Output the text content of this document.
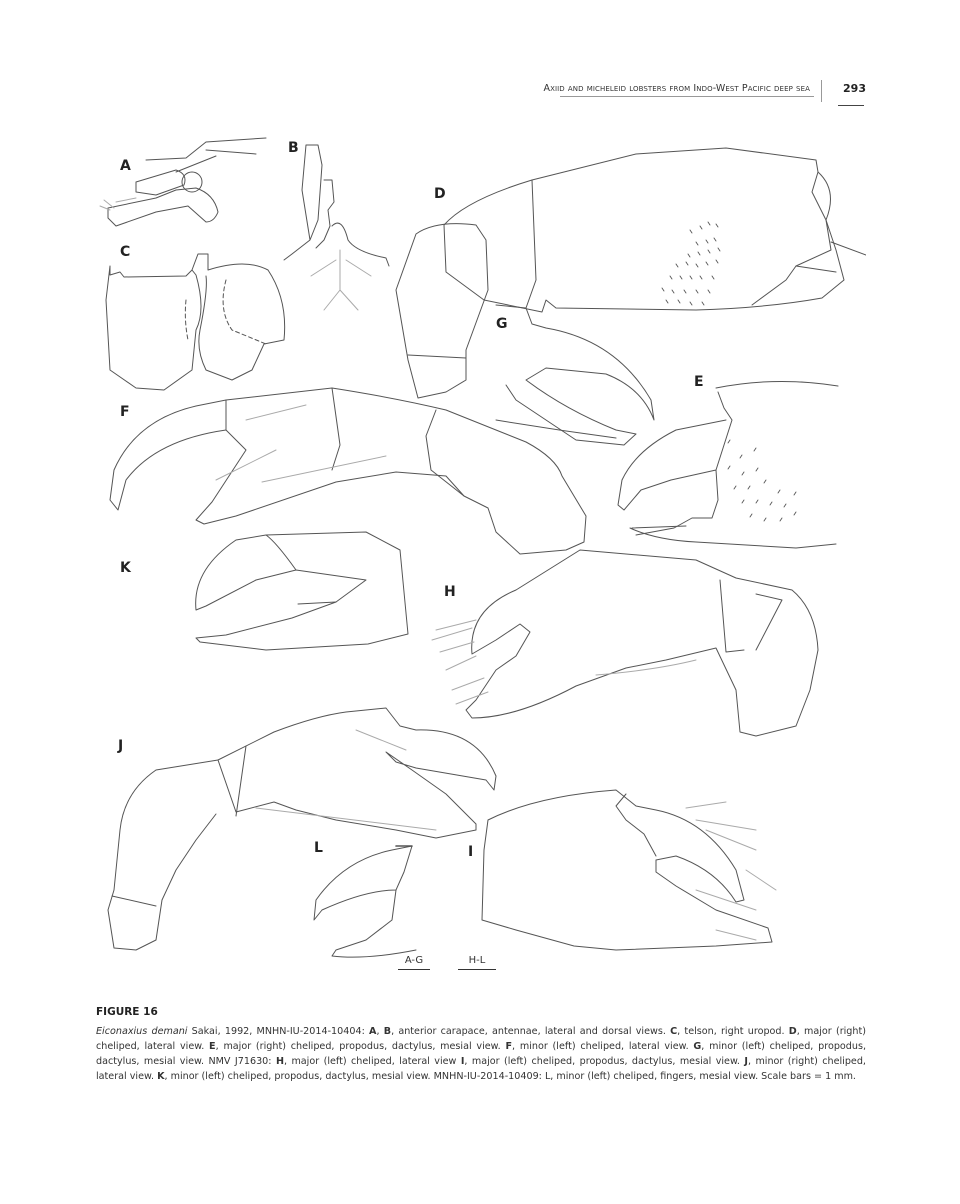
Axiid and micheleid lobsters from Indo-West Pacific deep sea	293
A
B
C
D
E
F
G
H
I
J
K
L
A-G	H-L
FIGURE 16
Eiconaxius demani Sakai, 1992, MNHN-IU-2014-10404: A, B, anterior carapace, antennae, lateral and dorsal views. C, telson, right uropod. D, major (right) cheliped, lateral view. E, major (right) cheliped, propodus, dactylus, mesial view. F, minor (left) cheliped, lateral view. G, minor (left) cheliped, propodus, dactylus, mesial view. NMV J71630: H, major (left) cheliped, lateral view I, major (left) cheliped, propodus, dactylus, mesial view. J, minor (right) cheliped, lateral view. K, minor (left) cheliped, propodus, dactylus, mesial view. MNHN-IU-2014-10409: L, minor (left) cheliped, fingers, mesial view. Scale bars = 1 mm.
